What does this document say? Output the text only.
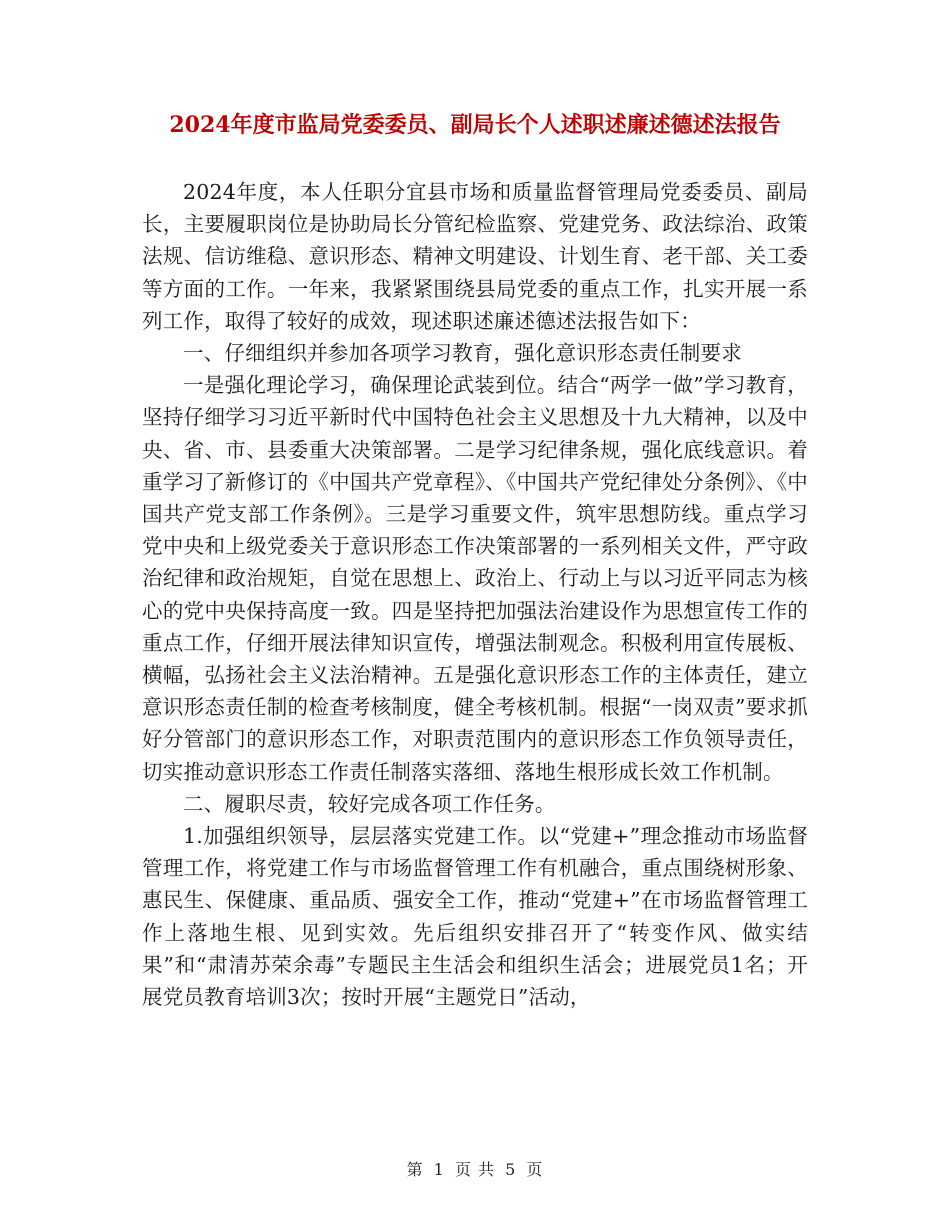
2024年度市监局党委委员、副局长个人述职述廉述德述法报告

2024年度，本人任职分宜县市场和质量监督管理局党委委员、副局长，主要履职岗位是协助局长分管纪检监察、党建党务、政法综治、政策法规、信访维稳、意识形态、精神文明建设、计划生育、老干部、关工委等方面的工作。一年来，我紧紧围绕县局党委的重点工作，扎实开展一系列工作，取得了较好的成效，现述职述廉述德述法报告如下：

一、仔细组织并参加各项学习教育，强化意识形态责任制要求

一是强化理论学习，确保理论武装到位。结合“两学一做”学习教育，坚持仔细学习习近平新时代中国特色社会主义思想及十九大精神，以及中央、省、市、县委重大决策部署。二是学习纪律条规，强化底线意识。着重学习了新修订的《中国共产党章程》、《中国共产党纪律处分条例》、《中国共产党支部工作条例》。三是学习重要文件，筑牢思想防线。重点学习党中央和上级党委关于意识形态工作决策部署的一系列相关文件，严守政治纪律和政治规矩，自觉在思想上、政治上、行动上与以习近平同志为核心的党中央保持高度一致。四是坚持把加强法治建设作为思想宣传工作的重点工作，仔细开展法律知识宣传，增强法制观念。积极利用宣传展板、横幅，弘扬社会主义法治精神。五是强化意识形态工作的主体责任，建立意识形态责任制的检查考核制度，健全考核机制。根据“一岗双责”要求抓好分管部门的意识形态工作，对职责范围内的意识形态工作负领导责任，切实推动意识形态工作责任制落实落细、落地生根形成长效工作机制。

二、履职尽责，较好完成各项工作任务。

1.加强组织领导，层层落实党建工作。以“党建+”理念推动市场监督管理工作，将党建工作与市场监督管理工作有机融合，重点围绕树形象、惠民生、保健康、重品质、强安全工作，推动“党建+”在市场监督管理工作上落地生根、见到实效。先后组织安排召开了“转变作风、做实结果”和“肃清苏荣余毒”专题民主生活会和组织生活会；进展党员1名；开展党员教育培训3次；按时开展“主题党日”活动，

第 1 页 共 5 页
